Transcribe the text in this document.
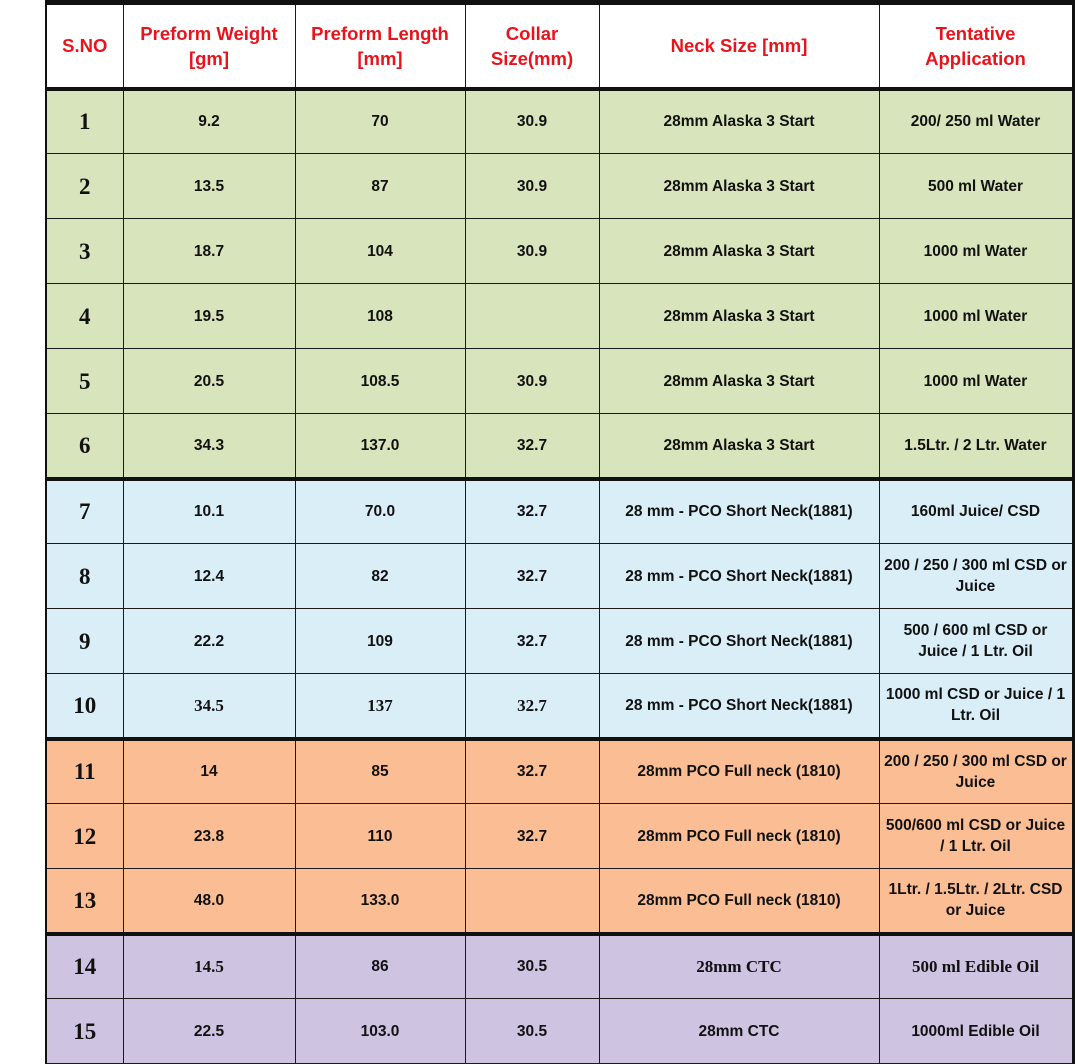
S.NO	Preform Weight [gm]	Preform Length [mm]	Collar Size(mm)	Neck Size [mm]	Tentative Application
1	9.2	70	30.9	28mm Alaska 3 Start	200/ 250 ml Water
2	13.5	87	30.9	28mm Alaska 3 Start	500 ml Water
3	18.7	104	30.9	28mm Alaska 3 Start	1000 ml Water
4	19.5	108		28mm Alaska 3 Start	1000 ml Water
5	20.5	108.5	30.9	28mm Alaska 3 Start	1000 ml Water
6	34.3	137.0	32.7	28mm Alaska 3 Start	1.5Ltr. / 2 Ltr. Water
7	10.1	70.0	32.7	28 mm - PCO Short Neck(1881)	160ml Juice/ CSD
8	12.4	82	32.7	28 mm - PCO Short Neck(1881)	200 / 250 / 300 ml CSD or Juice
9	22.2	109	32.7	28 mm - PCO Short Neck(1881)	500 / 600 ml CSD or Juice / 1 Ltr. Oil
10	34.5	137	32.7	28 mm - PCO Short Neck(1881)	1000 ml CSD or Juice / 1 Ltr. Oil
11	14	85	32.7	28mm PCO Full neck (1810)	200 / 250 / 300 ml CSD or Juice
12	23.8	110	32.7	28mm PCO Full neck (1810)	500/600 ml CSD or Juice / 1 Ltr. Oil
13	48.0	133.0		28mm PCO Full neck (1810)	1Ltr. / 1.5Ltr. / 2Ltr. CSD or Juice
14	14.5	86	30.5	28mm CTC	500 ml Edible Oil
15	22.5	103.0	30.5	28mm CTC	1000ml Edible Oil
